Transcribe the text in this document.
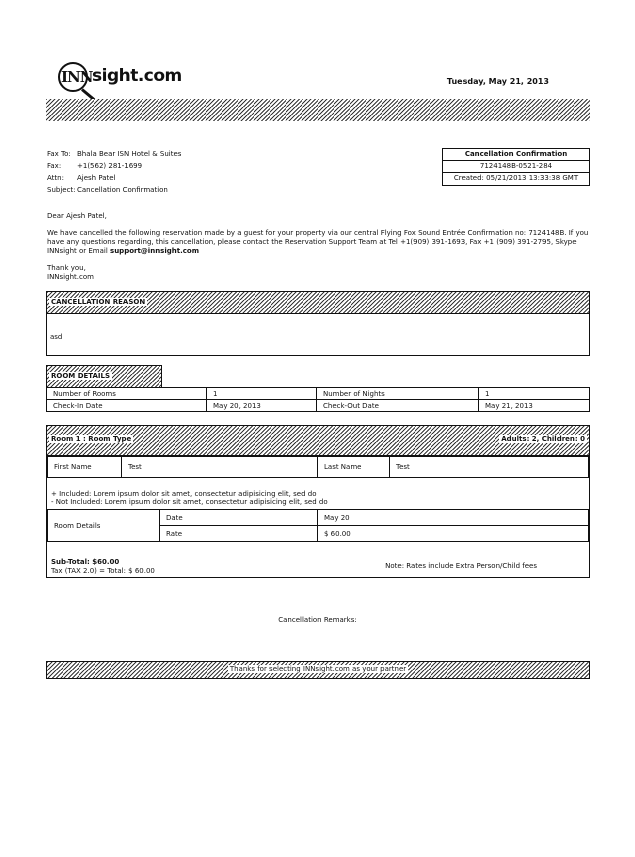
INN sight.com	Tuesday, May 21, 2013
Fax To: Bhala Bear ISN Hotel & Suites
Fax:	+1(562) 281-1699
Attn:	Ajesh Patel
Subject: Cancellation Confirmation
Cancellation Confirmation
7124148B-0521-284
Created: 05/21/2013 13:33:38 GMT

Dear Ajesh Patel,

We have cancelled the following reservation made by a guest for your property via our central Flying Fox Sound Entrée Confirmation no: 7124148B. If you have any questions regarding, this cancellation, please contact the Reservation Support Team at Tel +1(909) 391-1693, Fax +1 (909) 391-2795, Skype INNsight or Email support@innsight.com

Thank you,
INNsight.com
CANCELLATION REASON
asd
ROOM DETAILS
Number of Rooms	1	Number of Nights	1
Check-In Date	May 20, 2013	Check-Out Date	May 21, 2013
Room 1 : Room Type	Adults: 2, Children: 0
First Name	Test	Last Name	Test
+ Included: Lorem ipsum dolor sit amet, consectetur adipisicing elit, sed do
- Not Included: Lorem ipsum dolor sit amet, consectetur adipisicing elit, sed do
Room Details	Date	May 20
	Rate	$ 60.00
Sub-Total: $60.00
Tax (TAX 2.0) = Total: $ 60.00
Note: Rates include Extra Person/Child fees
Cancellation Remarks:
Thanks for selecting INNsight.com as your partner
